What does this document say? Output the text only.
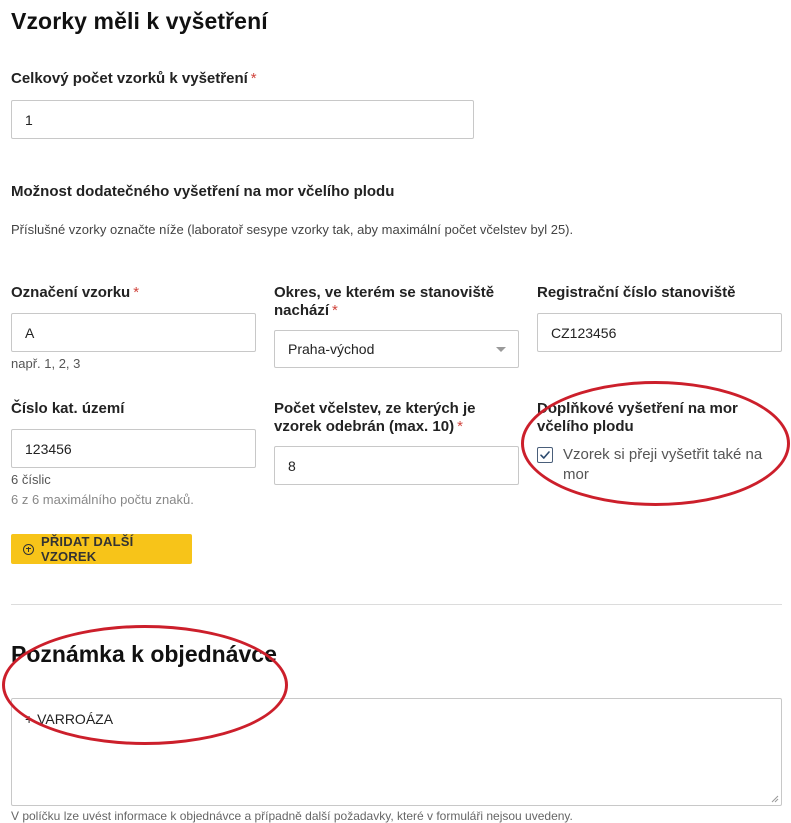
Vzorky měli k vyšetření
Celkový počet vzorků k vyšetření *
1
Možnost dodatečného vyšetření na mor včelího plodu
Příslušné vzorky označte níže (laboratoř sesype vzorky tak, aby maximální počet včelstev byl 25).
Označení vzorku *
A
např. 1, 2, 3
Číslo kat. území
123456
6 číslic
6 z 6 maximálního počtu znaků.
Okres, ve kterém se stanoviště nachází *
Praha-východ
Počet včelstev, ze kterých je vzorek odebrán (max. 10) *
8
Registrační číslo stanoviště
CZ123456
Doplňkové vyšetření na mor včelího plodu
Vzorek si přeji vyšetřit také na mor
PŘIDAT DALŠÍ VZOREK
Poznámka k objednávce
+ VARROÁZA
V políčku lze uvést informace k objednávce a případně další požadavky, které v formuláři nejsou uvedeny.
